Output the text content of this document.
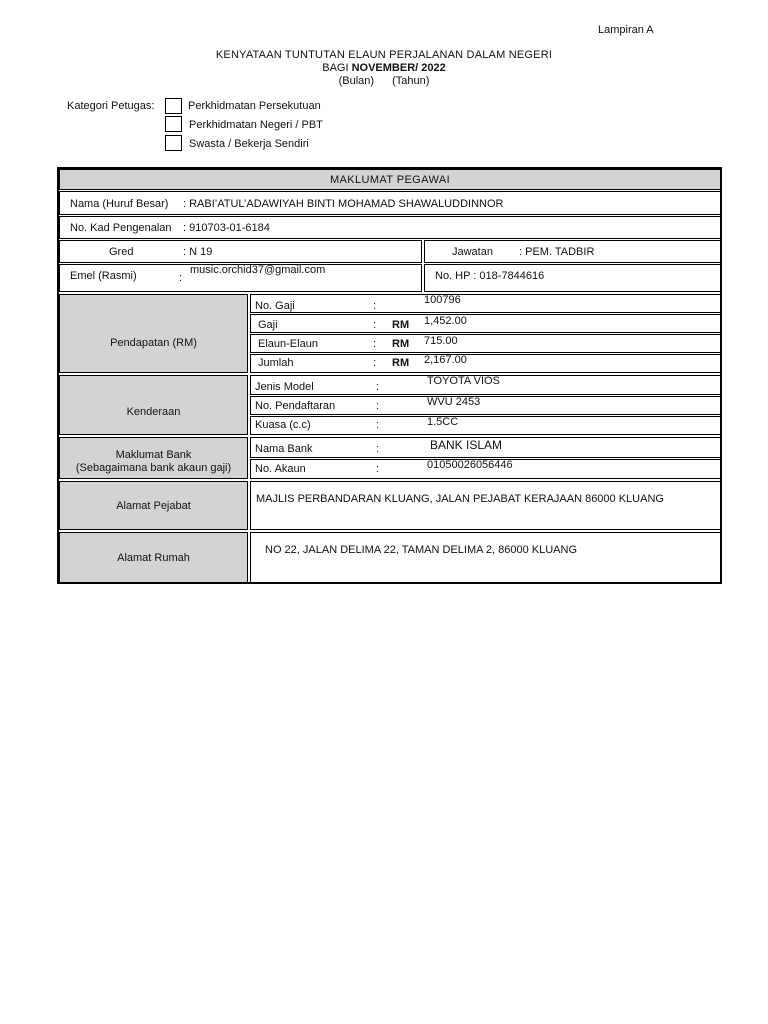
Lampiran A
KENYATAAN TUNTUTAN ELAUN PERJALANAN DALAM NEGERI
BAGI NOVEMBER/ 2022
(Bulan) (Tahun)
Kategori Petugas:	Perkhidmatan Persekutuan
Perkhidmatan Negeri / PBT
Swasta / Bekerja Sendiri
MAKLUMAT PEGAWAI
Nama (Huruf Besar) : RABI’ATUL’ADAWIYAH BINTI MOHAMAD SHAWALUDDINNOR
No. Kad Pengenalan : 910703-01-6184
Gred	: N 19	Jawatan : PEM. TADBIR
Emel (Rasmi)	:
music.orchid37@gmail.com	No. HP : 018-7844616
Pendapatan (RM)
No. Gaji	:	100796
Gaji	: RM 1,452.00
Elaun-Elaun	: RM 715.00
Jumlah	: RM 2,167.00
Kenderaan
Jenis Model	:	TOYOTA VIOS
No. Pendaftaran	:	WVU 2453
Kuasa (c.c)	:	1.5CC
Maklumat Bank
(Sebagaimana bank akaun gaji)
Nama Bank	:	BANK ISLAM
No. Akaun	:	01050026056446
Alamat Pejabat
MAJLIS PERBANDARAN KLUANG, JALAN PEJABAT KERAJAAN 86000 KLUANG
Alamat Rumah
NO 22, JALAN DELIMA 22, TAMAN DELIMA 2, 86000 KLUANG
